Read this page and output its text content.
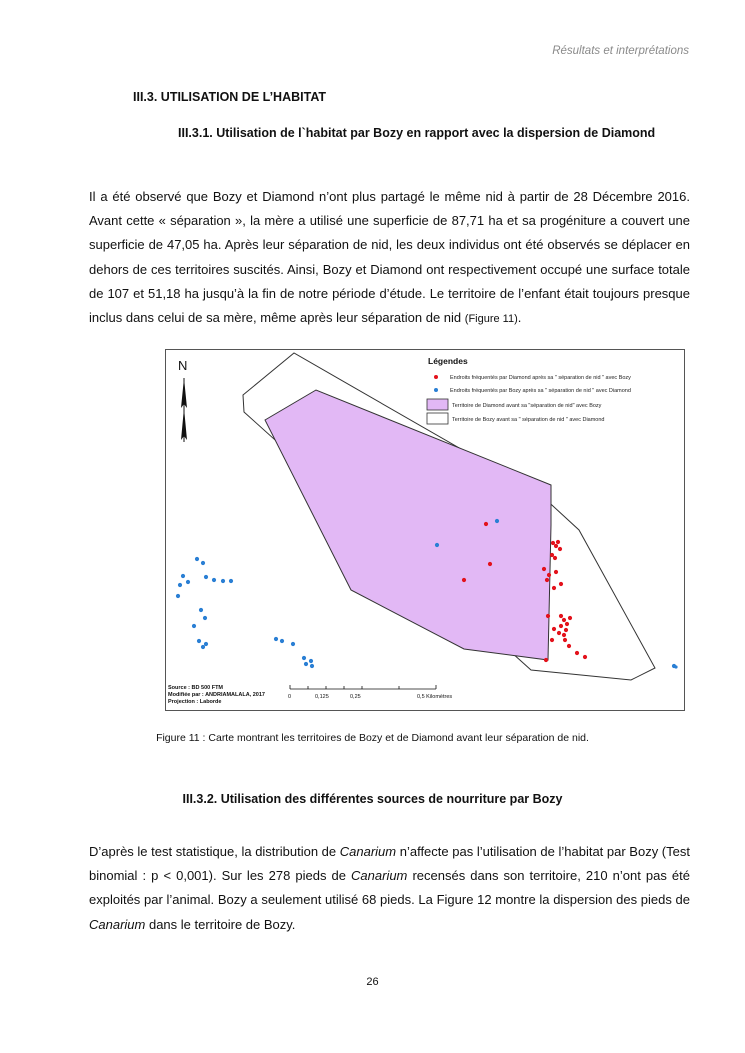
Résultats et interprétations
III.3. UTILISATION DE L’HABITAT
III.3.1. Utilisation de l`habitat par Bozy en rapport avec la dispersion de Diamond
Il a été observé que Bozy et Diamond n’ont plus partagé le même nid à partir de 28 Décembre 2016. Avant cette « séparation », la mère a utilisé une superficie de 87,71 ha et sa progéniture a couvert une superficie de 47,05 ha. Après leur séparation de nid, les deux individus ont été observés se déplacer en dehors de ces territoires suscités. Ainsi, Bozy et Diamond ont respectivement occupé une surface totale de 107 et 51,18 ha jusqu’à la fin de notre période d’étude. Le territoire de l’enfant était toujours presque inclus dans celui de sa mère, même après leur séparation de nid (Figure 11).
N	Légendes
Endroits fréquentés par Diamond après sa " séparation de nid " avec Bozy
Endroits fréquentés par Bozy après sa " séparation de nid " avec Diamond
Territoire de Diamond avant sa "séparation de nid" avec Bozy
Territoire de Bozy avant sa " séparation de nid " avec Diamond
Source : BD 500 FTM
Modifiée par : ANDRIAMALALA, 2017
Projection : Laborde
0	0,125	0,25	0,5 Kilomètres
Figure 11 : Carte montrant les territoires de Bozy et de Diamond avant leur séparation de nid.
III.3.2. Utilisation des différentes sources de nourriture par Bozy
D’après le test statistique, la distribution de Canarium n’affecte pas l’utilisation de l’habitat par Bozy (Test binomial : p < 0,001). Sur les 278 pieds de Canarium recensés dans son territoire, 210 n’ont pas été exploités par l’animal. Bozy a seulement utilisé 68 pieds. La Figure 12 montre la dispersion des pieds de Canarium dans le territoire de Bozy.
26
